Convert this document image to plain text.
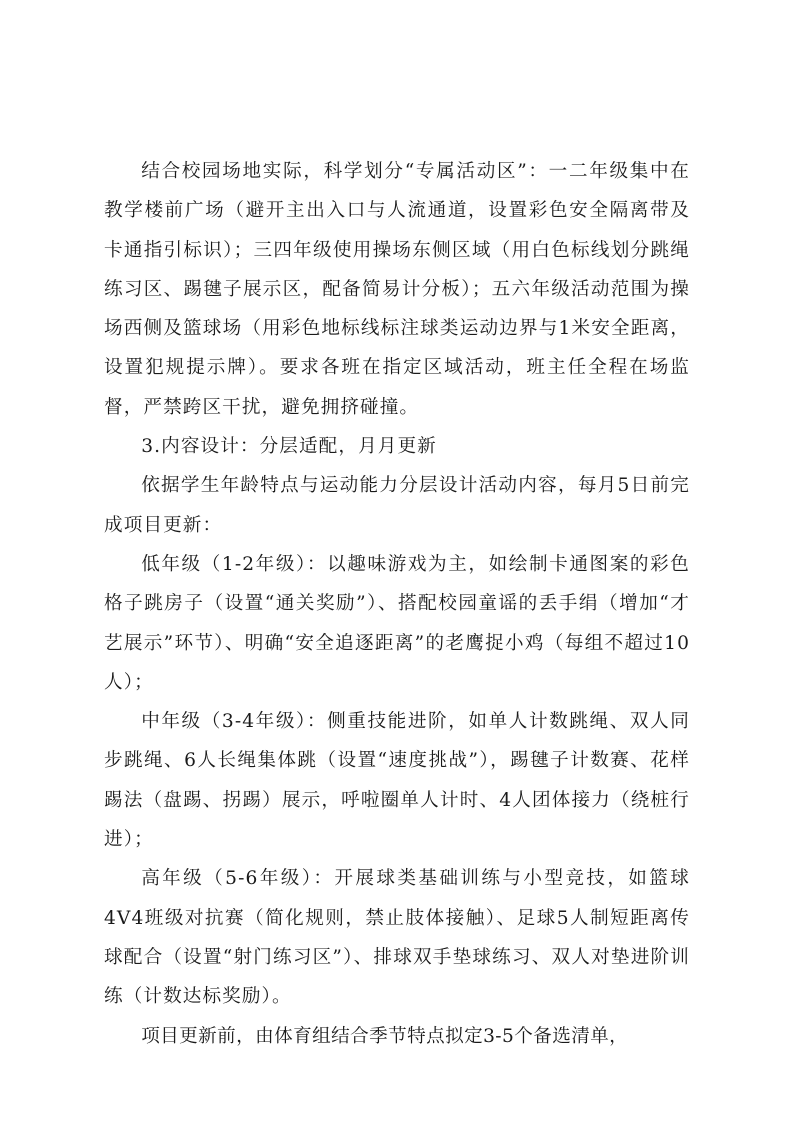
结合校园场地实际，科学划分“专属活动区”：一二年级集中在教学楼前广场（避开主出入口与人流通道，设置彩色安全隔离带及卡通指引标识）；三四年级使用操场东侧区域（用白色标线划分跳绳练习区、踢毽子展示区，配备简易计分板）；五六年级活动范围为操场西侧及篮球场（用彩色地标线标注球类运动边界与1米安全距离，设置犯规提示牌）。要求各班在指定区域活动，班主任全程在场监督，严禁跨区干扰，避免拥挤碰撞。

3.内容设计：分层适配，月月更新

依据学生年龄特点与运动能力分层设计活动内容，每月5日前完成项目更新：

低年级（1-2年级）：以趣味游戏为主，如绘制卡通图案的彩色格子跳房子（设置“通关奖励”）、搭配校园童谣的丢手绢（增加“才艺展示”环节）、明确“安全追逐距离”的老鹰捉小鸡（每组不超过10人）；

中年级（3-4年级）：侧重技能进阶，如单人计数跳绳、双人同步跳绳、6人长绳集体跳（设置“速度挑战”），踢毽子计数赛、花样踢法（盘踢、拐踢）展示，呼啦圈单人计时、4人团体接力（绕桩行进）；

高年级（5-6年级）：开展球类基础训练与小型竞技，如篮球4V4班级对抗赛（简化规则，禁止肢体接触）、足球5人制短距离传球配合（设置“射门练习区”）、排球双手垫球练习、双人对垫进阶训练（计数达标奖励）。

项目更新前，由体育组结合季节特点拟定3-5个备选清单，
